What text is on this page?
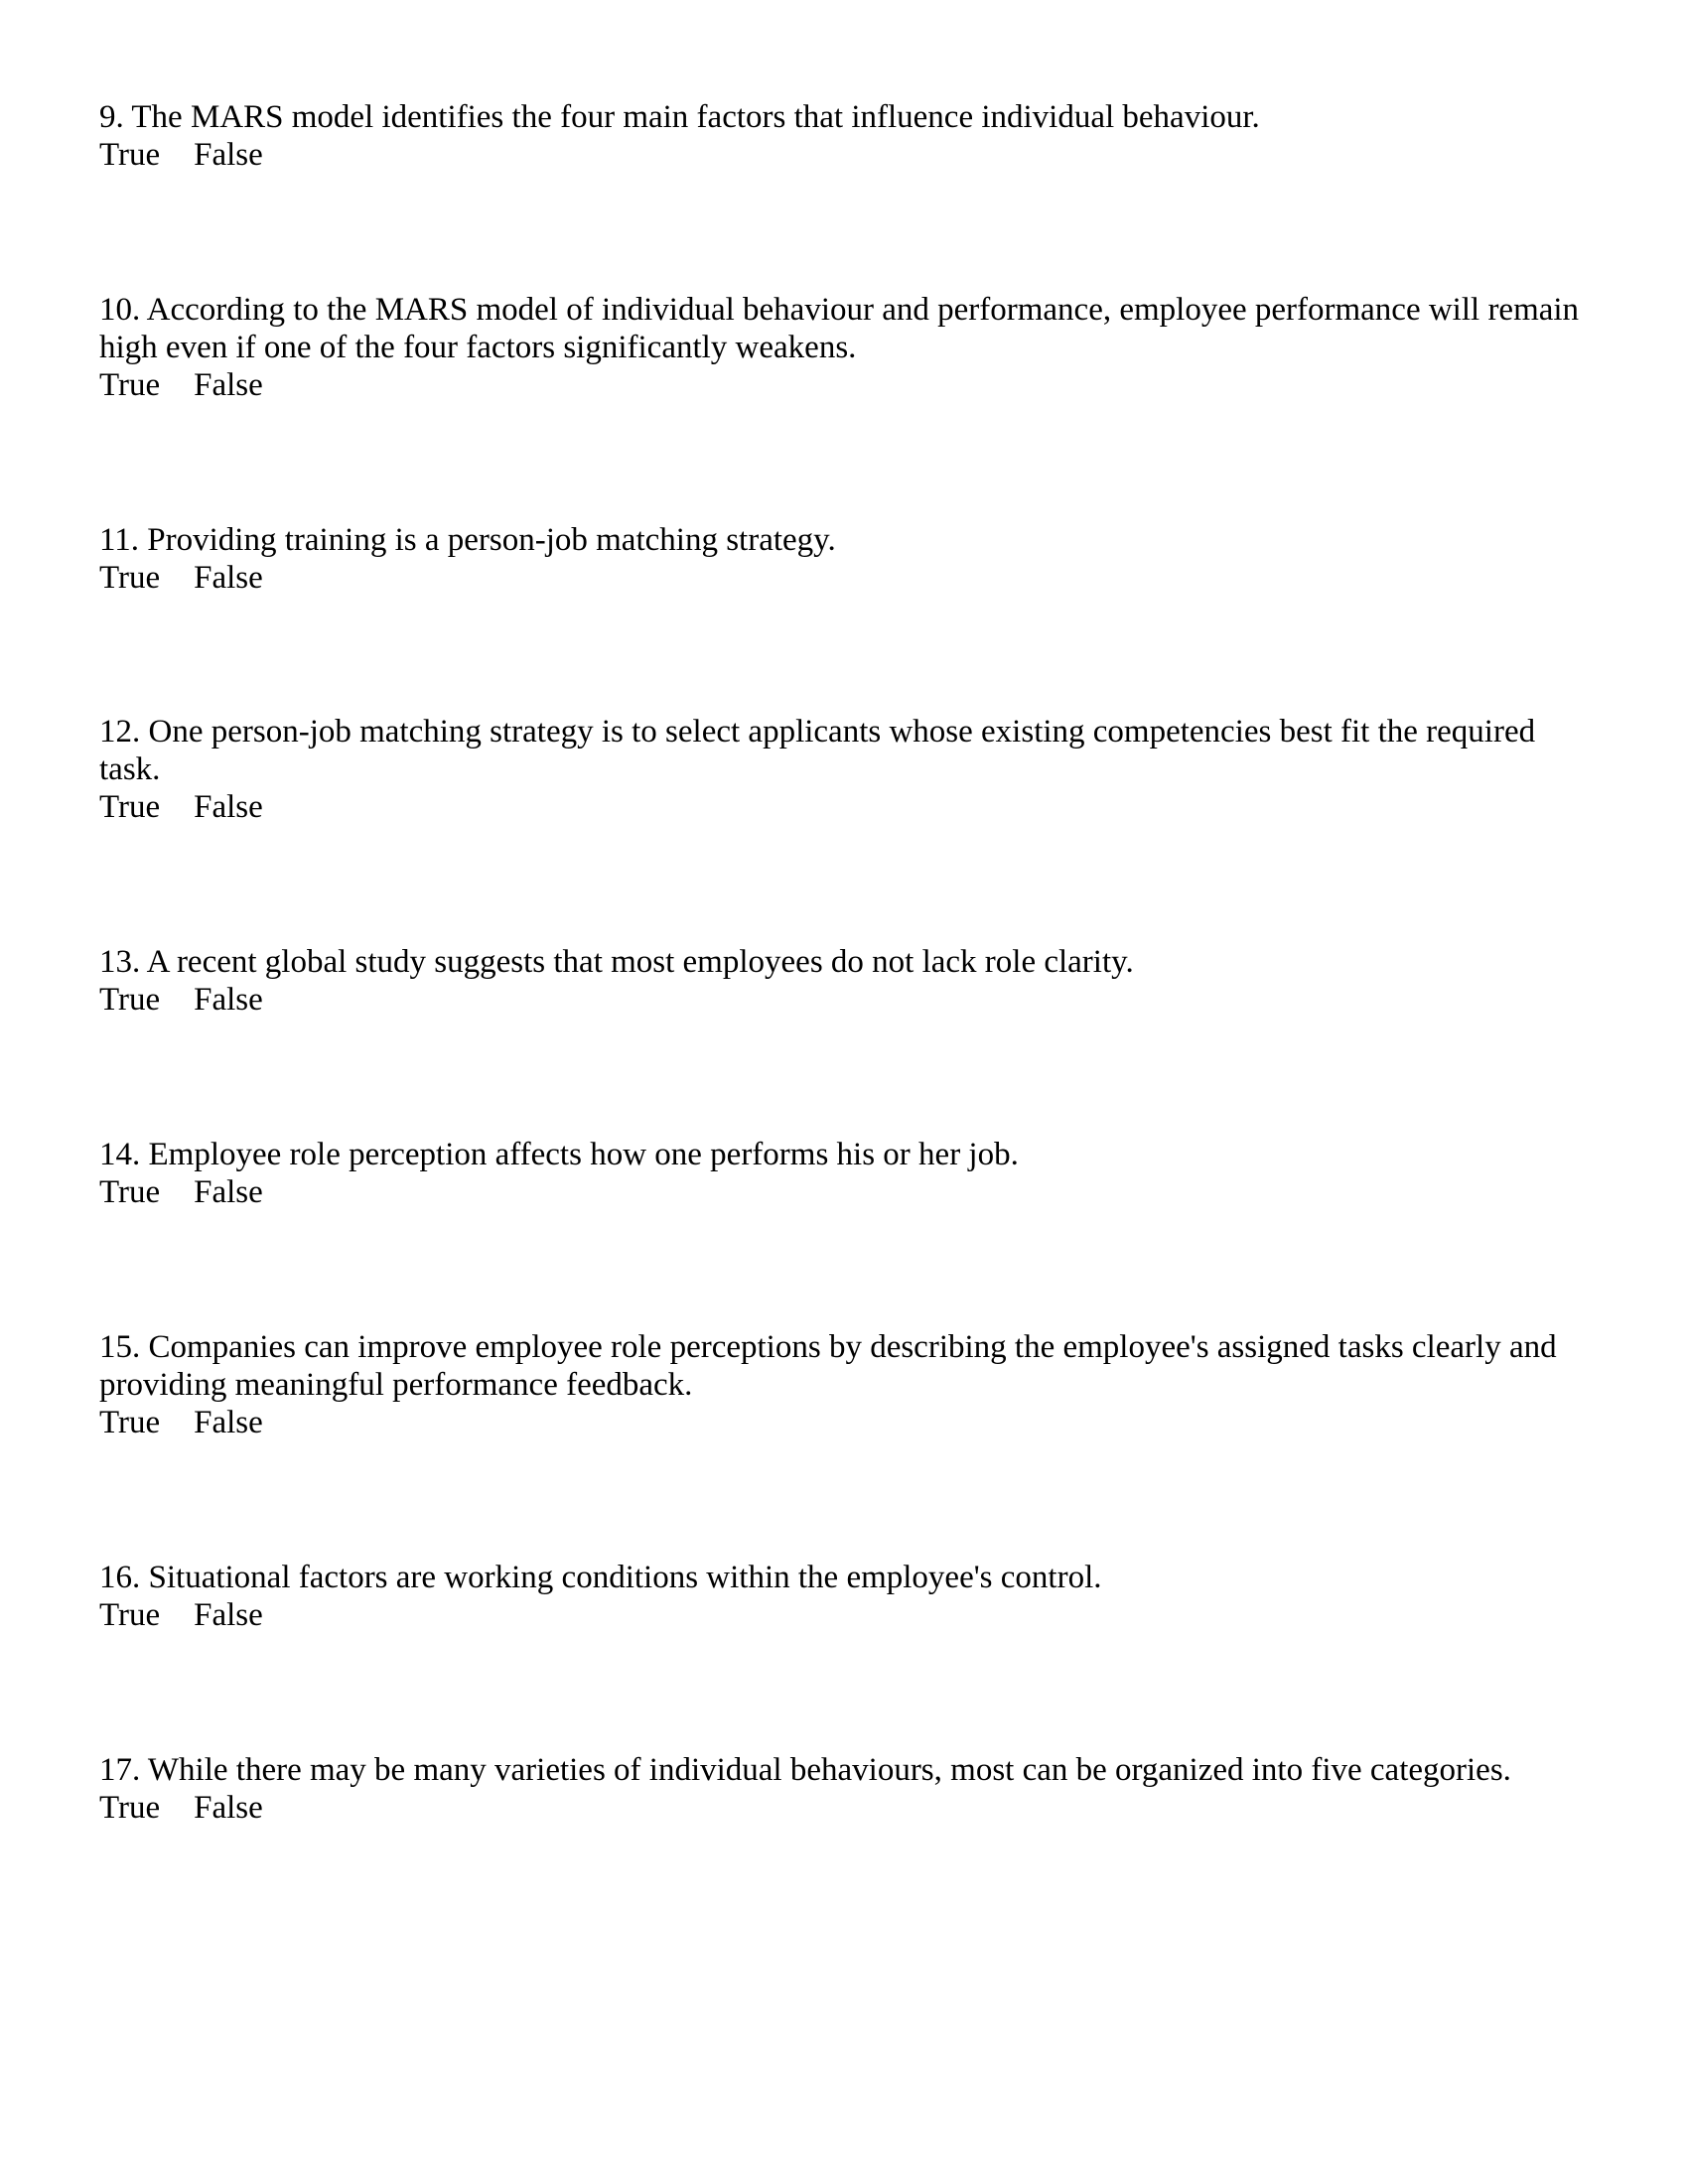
9. The MARS model identifies the four main factors that influence individual behaviour.

True False

10. According to the MARS model of individual behaviour and performance, employee performance will remain high even if one of the four factors significantly weakens.

True False

11. Providing training is a person-job matching strategy.

True False

12. One person-job matching strategy is to select applicants whose existing competencies best fit the required task.

True False

13. A recent global study suggests that most employees do not lack role clarity.

True False

14. Employee role perception affects how one performs his or her job.

True False

15. Companies can improve employee role perceptions by describing the employee's assigned tasks clearly and providing meaningful performance feedback.

True False

16. Situational factors are working conditions within the employee's control.

True False

17. While there may be many varieties of individual behaviours, most can be organized into five categories.

True False
